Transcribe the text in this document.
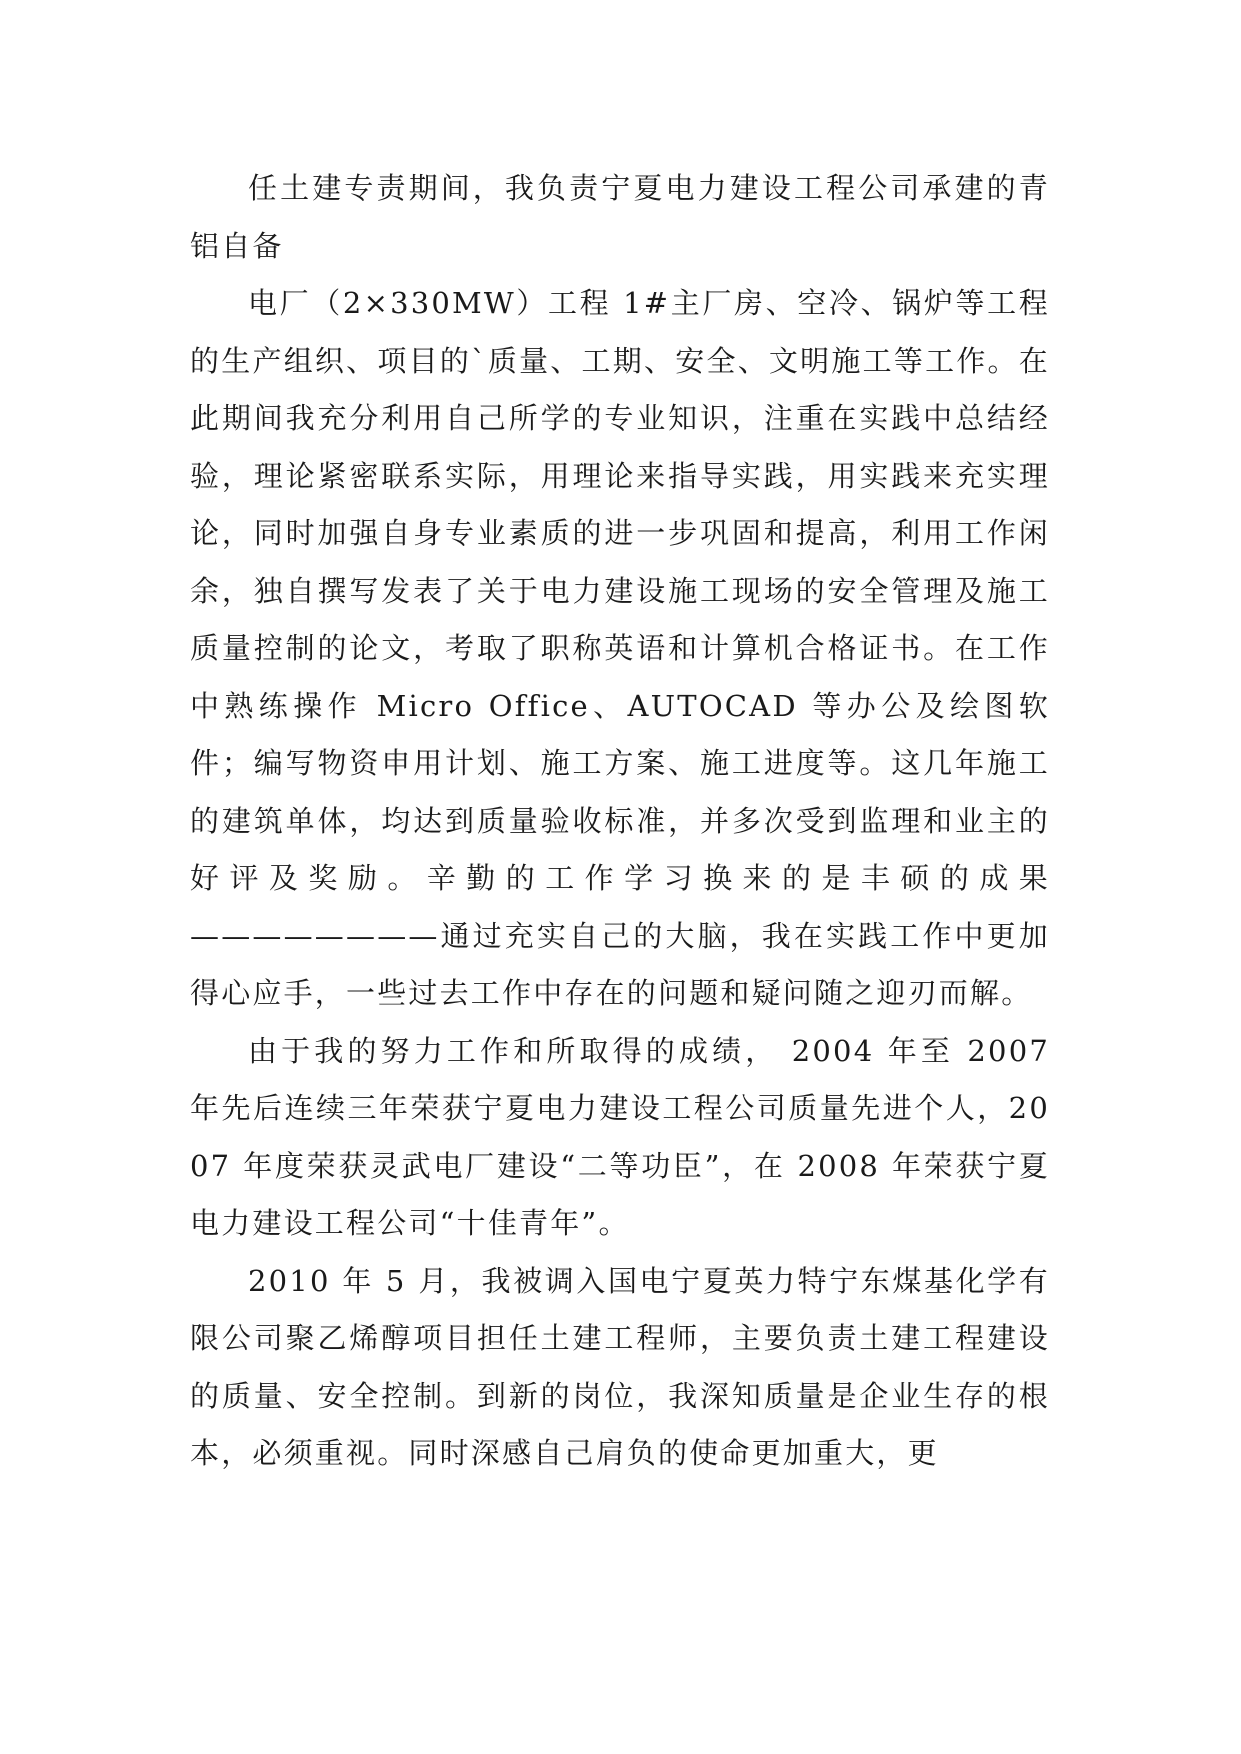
任土建专责期间，我负责宁夏电力建设工程公司承建的青铝自备

电厂（2×330MW）工程 1#主厂房、空冷、锅炉等工程的生产组织、项目的`质量、工期、安全、文明施工等工作。在此期间我充分利用自己所学的专业知识，注重在实践中总结经验，理论紧密联系实际，用理论来指导实践，用实践来充实理论，同时加强自身专业素质的进一步巩固和提高，利用工作闲余，独自撰写发表了关于电力建设施工现场的安全管理及施工质量控制的论文，考取了职称英语和计算机合格证书。在工作中熟练操作 Micro Office、AUTOCAD 等办公及绘图软件；编写物资申用计划、施工方案、施工进度等。这几年施工的建筑单体，均达到质量验收标准，并多次受到监理和业主的好评及奖励。辛勤的工作学习换来的是丰硕的成果————————通过充实自己的大脑，我在实践工作中更加得心应手，一些过去工作中存在的问题和疑问随之迎刃而解。

由于我的努力工作和所取得的成绩， 2004 年至 2007 年先后连续三年荣获宁夏电力建设工程公司质量先进个人，2007 年度荣获灵武电厂建设“二等功臣”，在 2008 年荣获宁夏电力建设工程公司“十佳青年”。

2010 年 5 月，我被调入国电宁夏英力特宁东煤基化学有限公司聚乙烯醇项目担任土建工程师，主要负责土建工程建设的质量、安全控制。到新的岗位，我深知质量是企业生存的根本，必须重视。同时深感自己肩负的使命更加重大，更
